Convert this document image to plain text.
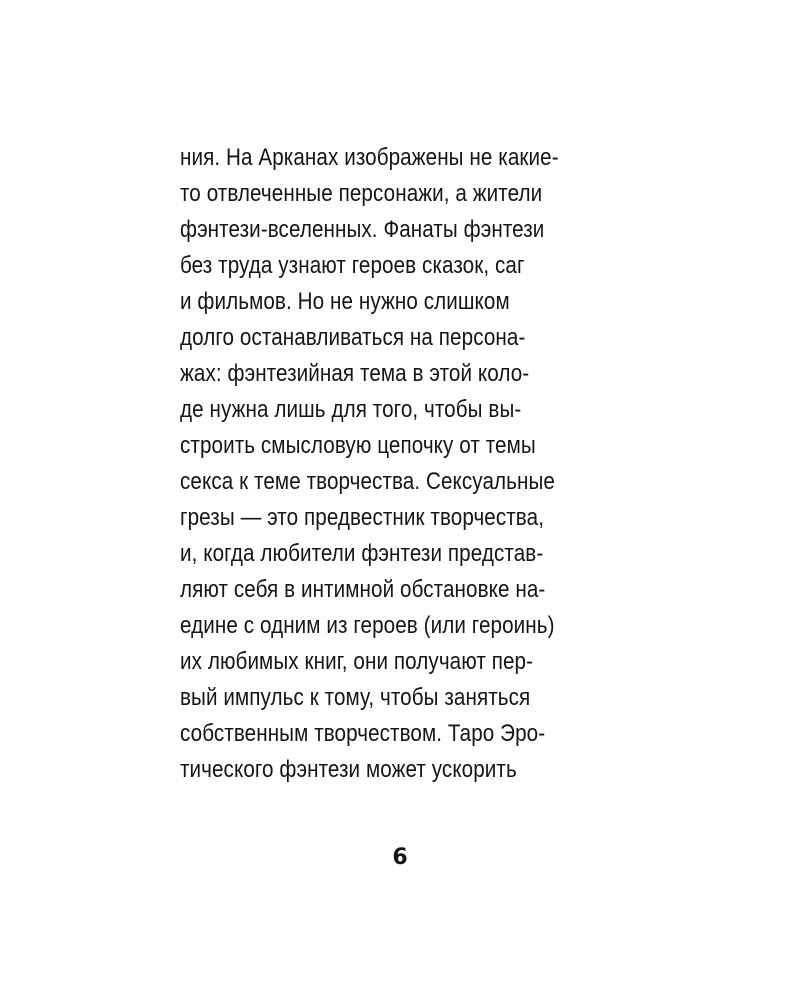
ния. На Арканах изображены не какие-
то отвлеченные персонажи, а жители
фэнтези-вселенных. Фанаты фэнтези
без труда узнают героев сказок, саг
и фильмов. Но не нужно слишком
долго останавливаться на персона-
жах: фэнтезийная тема в этой коло-
де нужна лишь для того, чтобы вы-
строить смысловую цепочку от темы
секса к теме творчества. Сексуальные
грезы — это предвестник творчества,
и, когда любители фэнтези представ-
ляют себя в интимной обстановке на-
едине с одним из героев (или героинь)
их любимых книг, они получают пер-
вый импульс к тому, чтобы заняться
собственным творчеством. Таро Эро-
тического фэнтези может ускорить
6
